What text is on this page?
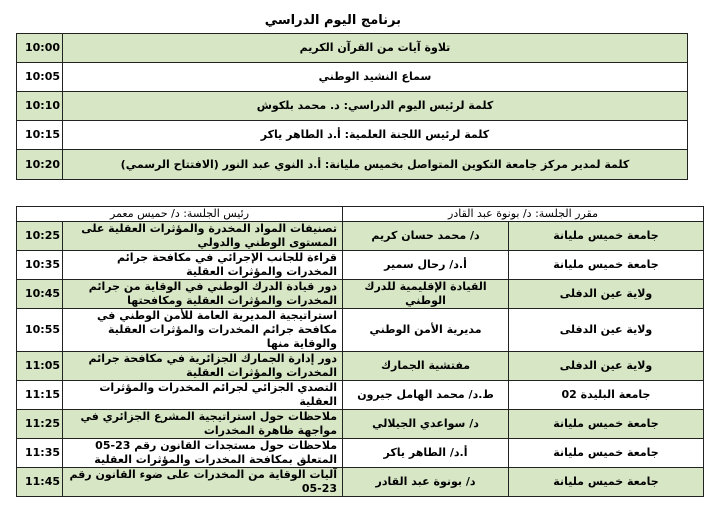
برنامج اليوم الدراسي
10:00	تلاوة آيات من القرآن الكريم
10:05	سماع النشيد الوطني
10:10	كلمة لرئيس اليوم الدراسي: د. محمد بلكوش
10:15	كلمة لرئيس اللجنة العلمية: أ.د الطاهر ياكر
10:20	كلمة لمدير مركز جامعة التكوين المتواصل بخميس مليانة: أ.د النوي عبد النور (الافتتاح الرسمي)
رئيس الجلسة: د/ حميس معمر		مقرر الجلسة: د/ بونوة عبد القادر	
10:25	تصنيفات المواد المخدرة والمؤثرات العقلية على المستوى الوطني والدولي	د/ محمد حسان كريم	جامعة خميس مليانة
10:35	قراءة للجانب الإجرائي في مكافحة جرائم المخدرات والمؤثرات العقلية	أ.د/ رحال سمير	جامعة خميس مليانة
10:45	دور قيادة الدرك الوطني في الوقاية من جرائم المخدرات والمؤثرات العقلية ومكافحتها	القيادة الإقليمية للدرك الوطني	ولاية عين الدفلى
10:55	استراتيجية المديرية العامة للأمن الوطني في مكافحة جرائم المخدرات والمؤثرات العقلية والوقاية منها	مديرية الأمن الوطني	ولاية عين الدفلى
11:05	دور إدارة الجمارك الجزائرية في مكافحة جرائم المخدرات والمؤثرات العقلية	مفتشية الجمارك	ولاية عين الدفلى
11:15	التصدي الجزائي لجرائم المخدرات والمؤثرات العقلية	ط.د/ محمد الهامل جيرون	جامعة البليدة 02
11:25	ملاحظات حول استراتيجية المشرع الجزائري في مواجهة ظاهرة المخدرات	د/ سواعدي الجيلالي	جامعة خميس مليانة
11:35	ملاحظات حول مستجدات القانون رقم 23-05 المتعلق بمكافحة المخدرات والمؤثرات العقلية	أ.د/ الطاهر ياكر	جامعة خميس مليانة
11:45	آليات الوقاية من المخدرات على ضوء القانون رقم 23-05	د/ بونوة عبد القادر	جامعة خميس مليانة
